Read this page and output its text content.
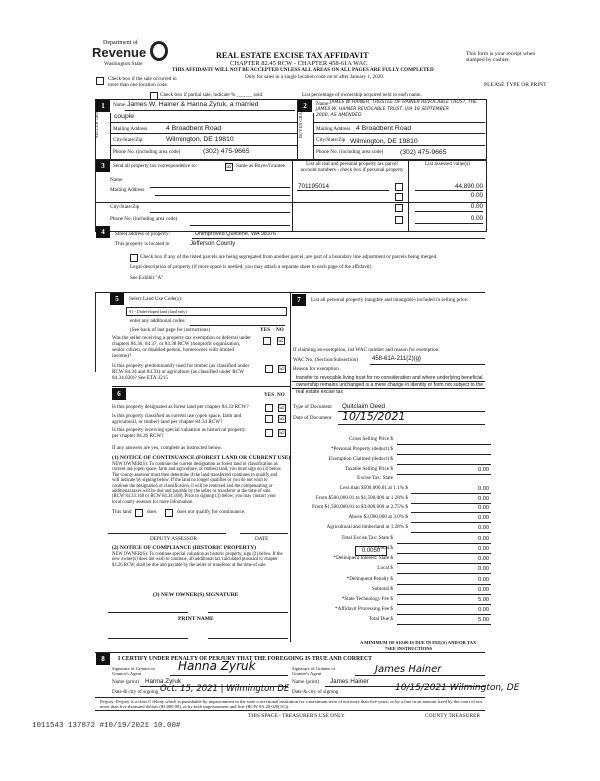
Department of
Revenue
Washington State
REAL ESTATE EXCISE TAX AFFIDAVIT
CHAPTER 82.45 RCW - CHAPTER 458-61A WAC
This form is your receipt when stamped by cashier.
THIS AFFIDAVIT WILL NOT BE ACCEPTED UNLESS ALL AREAS ON ALL PAGES ARE FULLY COMPLETED
Only for sales in a single location code on or after January 1, 2020.
Check box if the sale occurred in more than one location code.	PLEASE TYPE OR PRINT
Check box if partial sale, indicate % ______ sold.	List percentage of ownership acquired next to each name.
1	2
SELLER GRANTOR	BUYER GRANTEE
Name James W. Hainer & Hanna Zyruk, a married
couple
Mailing Address	4 Broadbent Road
City/State/Zip	Wilmington, DE 19810
Phone No. (including area code)	(302) 475-9665
Name JAMES W HAINER, TRUSTEE OF HAINER REVOCABLE TRUST, THE
JAMES W. HAINER REVOCABLE TRUST, U/A 18 SEPTEMBER
2000, AS AMENDED
Mailing Address 4 Broadbent Road
City/State/Zip Wilmington, DE 19810
Phone No. (including area code) (302) 475-9665
3	Send all property tax correspondence to:	☑ Same as Buyer/Grantee
Name
Mailing Address
List all real and personal property tax parcel account numbers - check box if personal property
List assessed value(s)
701195014	44,890.00
0.00
City/State/Zip
Phone No. (including area code)
0.00
0.00
4	Street address of property:	Unimproved Quilcene, WA 98376
This property is located in	Jefferson County
Check box if any of the listed parcels are being segregated from another parcel, are part of a boundary line adjustment or parcels being merged.
Legal description of property (if more space is needed, you may attach a separate sheet to each page of the affidavit)
See Exhibit "A"
5	Select Land Use Code(s):
91 - Undeveloped land (land only)
enter any additional codes:
(See back of last page for instructions)	YES NO
Was the seller receiving a property tax exemption or deferral under chapters 84.36, 84.37, or 84.38 RCW (nonprofit organization, senior citizen, or disabled person, homeowner with limited income)?
☑
Is this property predominantly used for timber (as classified under RCW 84.34 and 84.33) or agriculture (as classified under RCW 84.34.020)? See ETA 3215
☑
6	YES NO
Is this property designated as forest land per chapter 84.33 RCW?	☑
Is this property classified as current use (open space, farm and agricultural, or timber) land per chapter 84.34 RCW?	☑
Is this property receiving special valuation as historical property per chapter 84.26 RCW?	☑
If any answers are yes, complete as instructed below.
(1) NOTICE OF CONTINUANCE (FOREST LAND OR CURRENT USE)
NEW OWNER(S): To continue the current designation as forest land or classification as current use (open space, farm and agriculture, or timber) land, you must sign on (3) below. The county assessor must then determine if the land transferred continues to qualify and will indicate by signing below. If the land no longer qualifies or you do not wish to continue the designation or classification, it will be removed and the compensating or additional taxes will be due and payable by the seller or transferor at the time of sale. (RCW 84.33.140 or RCW 84.34.108). Prior to signing (3) below, you may contact your local county assessor for more information.
This land	does	does not qualify for continuance.
DEPUTY ASSESSOR	DATE
(2) NOTICE OF COMPLIANCE (HISTORIC PROPERTY)
NEW OWNER(S): To continue special valuation as historic property, sign (3) below. If the new owner(s) does not wish to continue, all additional tax calculated pursuant to chapter 84.26 RCW, shall be due and payable by the seller or transferor at the time of sale.
(3) NEW OWNER(S) SIGNATURE
PRINT NAME
7	List all personal property (tangible and intangible) included in selling price.
If claiming an exemption, list WAC number and reason for exemption:
WAC No. (Section/Subsection) 458-61A-211(2)(g)
Reason for exemption
transfer to revocable living trust for no consideration and where underlying beneficial ownership remains unchanged is a mere change in identity or form not subject to the real estate excise tax
Type of Document Quitclaim Deed
Date of Document 10/15/2021
Gross Selling Price $
*Personal Property (deduct) $
Exemption Claimed (deduct) $
Taxable Selling Price $	0.00
Excise Tax: State
Less than $500,000.01 at 1.1% $	0.00
From $500,000.01 to $1,500,000 at 1.28% $	0.00
From $1,500,000.01 to $3,000,000 at 2.75% $	0.00
Above $3,000,000 at 3.0% $	0.00
Agricultural and timberland at 1.28% $	0.00
Total Excise Tax: State $	0.00
Local $	0.00
*Delinquent Interest: State $	0.00
Local $	0.00
*Delinquent Penalty $	0.00
Subtotal $	0.00
*State Technology Fee $	5.00
*Affidavit Processing Fee $	0.00
Total Due $	5.00
0.0050
A MINIMUM OF $10.00 IS DUE IN FEE(S) AND/OR TAX
*SEE INSTRUCTIONS
8	I CERTIFY UNDER PENALTY OF PERJURY THAT THE FOREGOING IS TRUE AND CORRECT
Signature of Grantor or Grantor's Agent
Hanna Zyruk
Name (print) Hanna Zyruk
Date & city of signing Oct. 15, 2021 | Wilmington DE
Signature of Grantee or Grantee's Agent	James Hainer
Name (print) James Hainer
Date & city of signing	10/15/2021 Wilmington, DE
Perjury: Perjury is a class C felony which is punishable by imprisonment in the state correctional institution for a maximum term of not more than five years, or by a fine in an amount fixed by the court of not more than five thousand dollars ($5,000.00), or by both imprisonment and fine (RCW 9A.20.020(1C)).
THIS SPACE - TREASURER'S USE ONLY	COUNTY TREASURER
1011543 137872 #10/19/2021 10.00#
